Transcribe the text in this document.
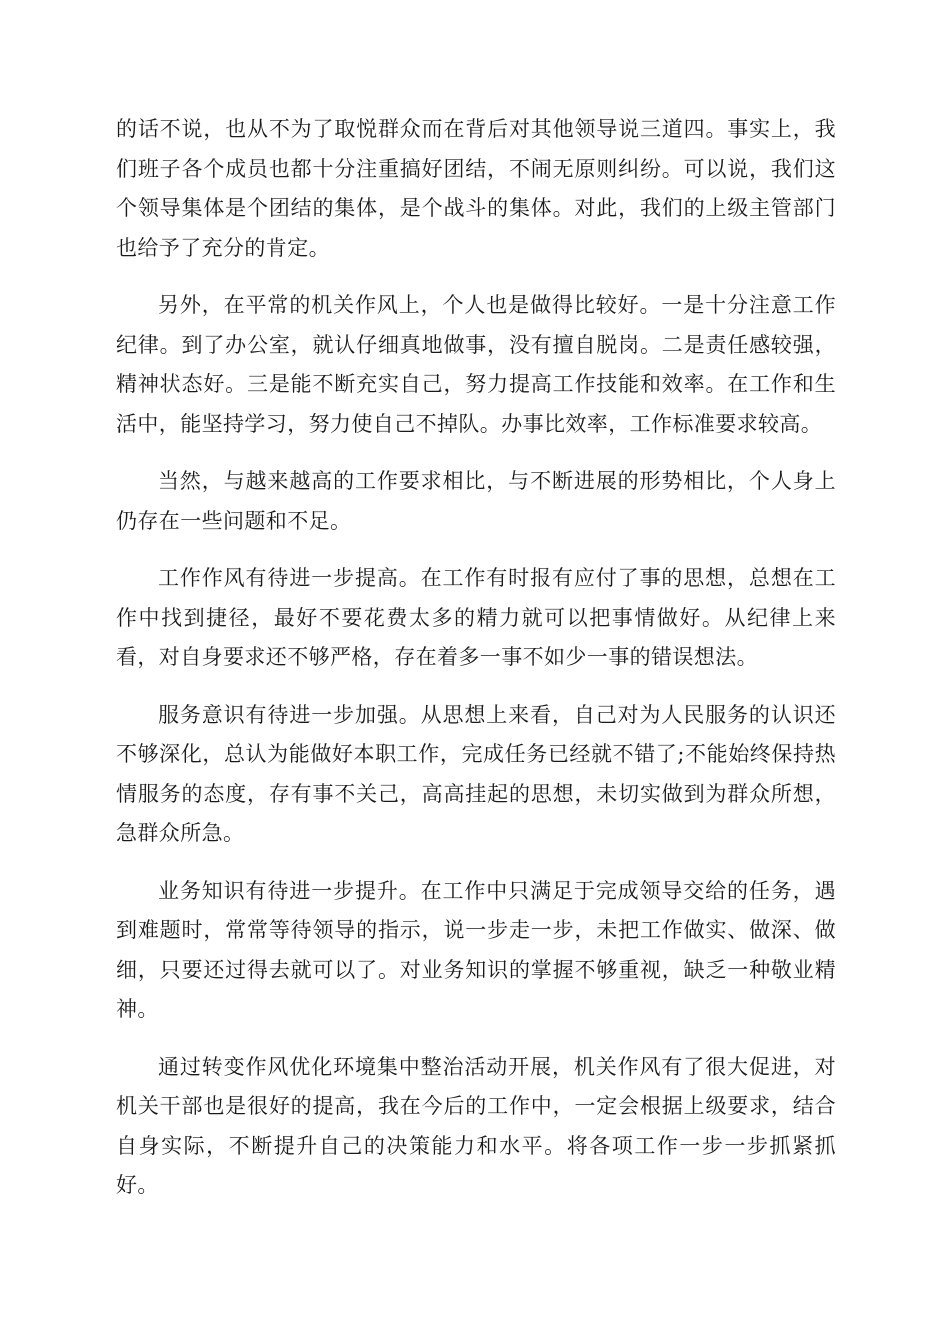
的话不说，也从不为了取悦群众而在背后对其他领导说三道四。事实上，我们班子各个成员也都十分注重搞好团结，不闹无原则纠纷。可以说，我们这个领导集体是个团结的集体，是个战斗的集体。对此，我们的上级主管部门也给予了充分的肯定。

另外，在平常的机关作风上，个人也是做得比较好。一是十分注意工作纪律。到了办公室，就认仔细真地做事，没有擅自脱岗。二是责任感较强，精神状态好。三是能不断充实自己，努力提高工作技能和效率。在工作和生活中，能坚持学习，努力使自己不掉队。办事比效率，工作标准要求较高。

当然，与越来越高的工作要求相比，与不断进展的形势相比，个人身上仍存在一些问题和不足。

工作作风有待进一步提高。在工作有时报有应付了事的思想，总想在工作中找到捷径，最好不要花费太多的精力就可以把事情做好。从纪律上来看，对自身要求还不够严格，存在着多一事不如少一事的错误想法。

服务意识有待进一步加强。从思想上来看，自己对为人民服务的认识还不够深化，总认为能做好本职工作，完成任务已经就不错了;不能始终保持热情服务的态度，存有事不关己，高高挂起的思想，未切实做到为群众所想，急群众所急。

业务知识有待进一步提升。在工作中只满足于完成领导交给的任务，遇到难题时，常常等待领导的指示，说一步走一步，未把工作做实、做深、做细，只要还过得去就可以了。对业务知识的掌握不够重视，缺乏一种敬业精神。

通过转变作风优化环境集中整治活动开展，机关作风有了很大促进，对机关干部也是很好的提高，我在今后的工作中，一定会根据上级要求，结合自身实际，不断提升自己的决策能力和水平。将各项工作一步一步抓紧抓好。
